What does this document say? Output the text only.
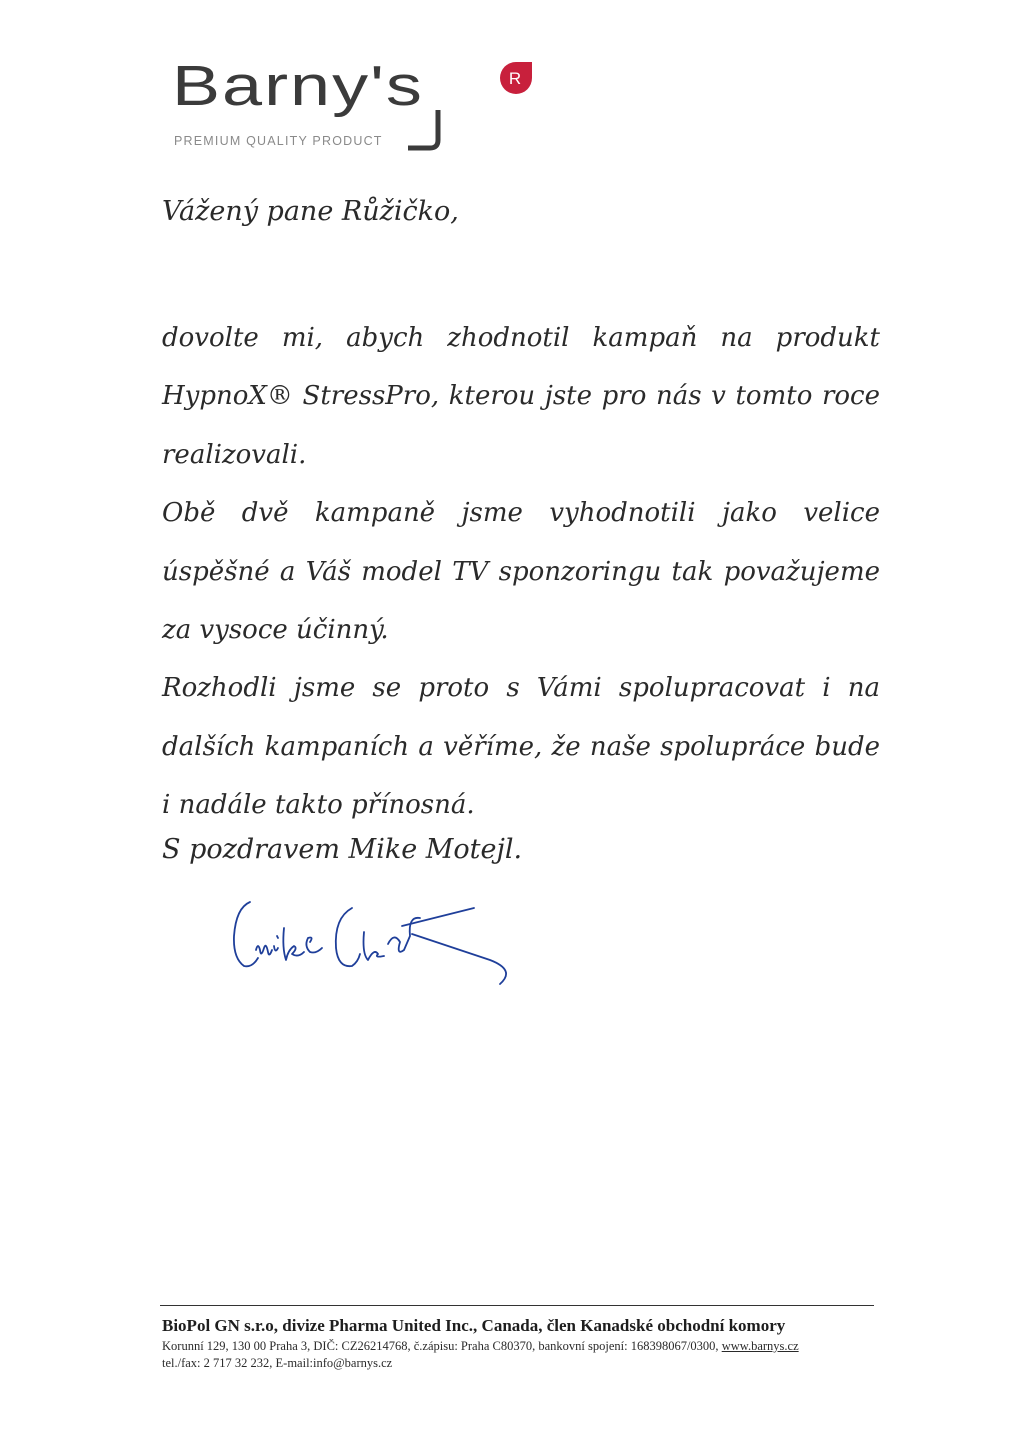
Barny's	R
PREMIUM QUALITY PRODUCT
Vážený pane Růžičko,

dovolte mi, abych zhodnotil kampaň na produkt HypnoX® StressPro, kterou jste pro nás v tomto roce realizovali.

Obě dvě kampaně jsme vyhodnotili jako velice úspěšné a Váš model TV sponzoringu tak považujeme za vysoce účinný.

Rozhodli jsme se proto s Vámi spolupracovat i na dalších kampaních a věříme, že naše spolupráce bude i nadále takto přínosná.

S pozdravem Mike Motejl.
BioPol GN s.r.o, divize Pharma United Inc., Canada, člen Kanadské obchodní komory
Korunní 129, 130 00 Praha 3, DIČ: CZ26214768, č.zápisu: Praha C80370, bankovní spojení: 168398067/0300, www.barnys.cz
tel./fax: 2 717 32 232, E-mail:info@barnys.cz
